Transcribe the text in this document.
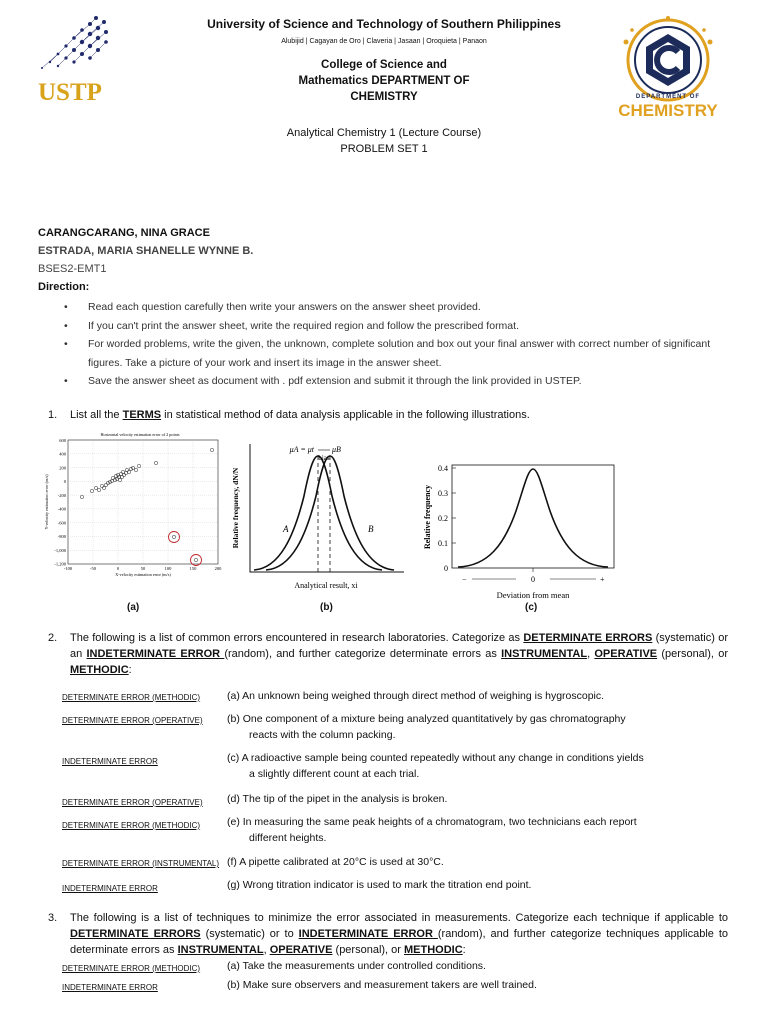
USTP	DEPARTMENT OF
CHEMISTRY
University of Science and Technology of Southern Philippines
Alubijid | Cagayan de Oro | Claveria | Jasaan | Oroquieta | Panaon
College of Science and
Mathematics DEPARTMENT OF
CHEMISTRY
Analytical Chemistry 1 (Lecture Course)
PROBLEM SET 1
CARANGCARANG, NINA GRACE
ESTRADA, MARIA SHANELLE WYNNE B.
BSES2-EMT1
Direction:
• Read each question carefully then write your answers on the answer sheet provided.
• If you can't print the answer sheet, write the required region and follow the prescribed format.
• For worded problems, write the given, the unknown, complete solution and box out your final answer with correct number of significant figures. Take a picture of your work and insert its image in the answer sheet.
• Save the answer sheet as document with . pdf extension and submit it through the link provided in USTEP.
1.	List all the TERMS in statistical method of data analysis applicable in the following illustrations.
Horizontal velocity estimation error of 2 points
600
400
200
0
-200
-400
-600
-800
-1,000
-1,200
-100	-50	0	50	100	150	200
X-velocity estimation error (m/s)
Y-velocity estimation error (m/s)
μA = μt μB
bias
A	B
Relative frequency, dN/N
Analytical result, xi
0.4
0.3
0.2
0.1
0
0
−	+
Deviation from mean
Relative frequency
(a)	(b)	(c)
2.	The following is a list of common errors encountered in research laboratories. Categorize as DETERMINATE ERRORS (systematic) or an INDETERMINATE ERROR (random), and further categorize determinate errors as INSTRUMENTAL, OPERATIVE (personal), or METHODIC:
DETERMINATE ERROR (METHODIC)	(a) An unknown being weighed through direct method of weighing is hygroscopic.
DETERMINATE ERROR (OPERATIVE) (b) One component of a mixture being analyzed quantitatively by gas chromatography
reacts with the column packing.
INDETERMINATE ERROR	(c) A radioactive sample being counted repeatedly without any change in conditions yields
a slightly different count at each trial.
DETERMINATE ERROR (OPERATIVE) (d) The tip of the pipet in the analysis is broken.
DETERMINATE ERROR (METHODIC)	(e) In measuring the same peak heights of a chromatogram, two technicians each report
different heights.
DETERMINATE ERROR (INSTRUMENTAL) (f) A pipette calibrated at 20°C is used at 30°C.
INDETERMINATE ERROR	(g) Wrong titration indicator is used to mark the titration end point.
3.	The following is a list of techniques to minimize the error associated in measurements. Categorize each technique if applicable to DETERMINATE ERRORS (systematic) or to INDETERMINATE ERROR (random), and further categorize techniques applicable to determinate errors as INSTRUMENTAL, OPERATIVE (personal), or METHODIC:
DETERMINATE ERROR (METHODIC)	(a) Take the measurements under controlled conditions.
INDETERMINATE ERROR	(b) Make sure observers and measurement takers are well trained.
